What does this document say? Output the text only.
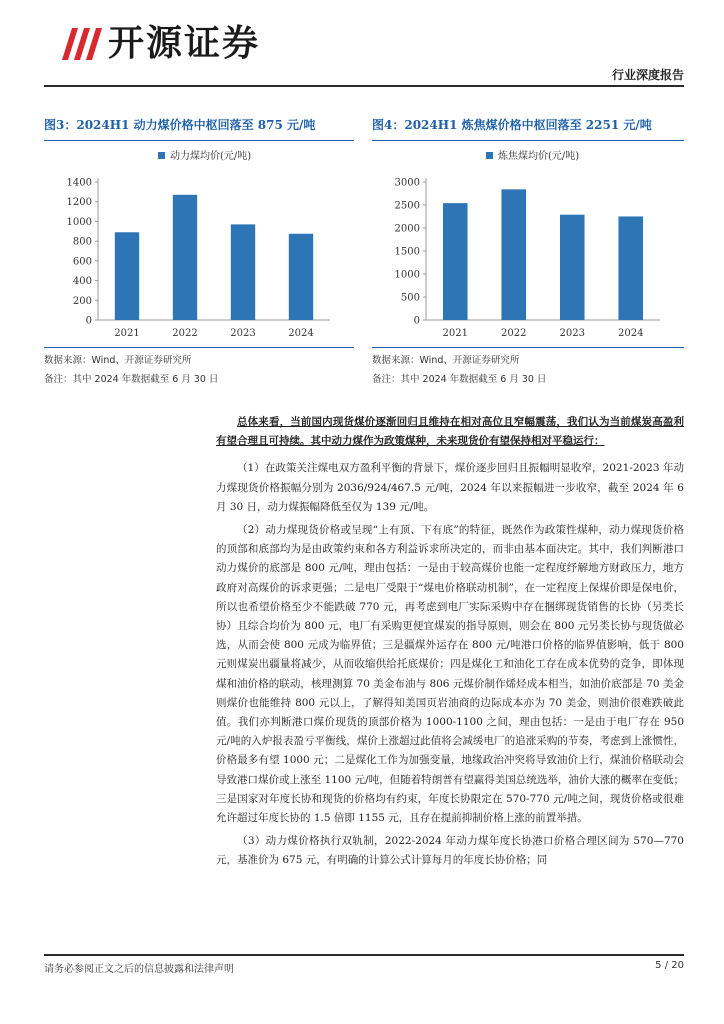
开源证券
行业深度报告
图3：2024H1 动力煤价格中枢回落至 875 元/吨
动力煤均价(元/吨)
0
200
400
600
800
1000
1200
1400
2021	2022	2023	2024
数据来源：Wind、开源证券研究所
备注：其中 2024 年数据截至 6 月 30 日
图4：2024H1 炼焦煤价格中枢回落至 2251 元/吨
炼焦煤均价(元/吨)
0
500
1000
1500
2000
2500
3000
2021	2022	2023	2024
数据来源：Wind、开源证券研究所
备注：其中 2024 年数据截至 6 月 30 日

总体来看，当前国内现货煤价逐渐回归且维持在相对高位且窄幅震荡，我们认为当前煤炭高盈利有望合理且可持续。其中动力煤作为政策煤种，未来现货价有望保持相对平稳运行：

（1）在政策关注煤电双方盈利平衡的背景下，煤价逐步回归且振幅明显收窄，2021-2023 年动力煤现货价格振幅分别为 2036/924/467.5 元/吨，2024 年以来振幅进一步收窄，截至 2024 年 6 月 30 日，动力煤振幅降低至仅为 139 元/吨。

（2）动力煤现货价格或呈现“上有顶、下有底”的特征，既然作为政策性煤种，动力煤现货价格的顶部和底部均为是由政策约束和各方利益诉求所决定的，而非由基本面决定。其中，我们判断港口动力煤价的底部是 800 元/吨，理由包括：一是由于较高煤价也能一定程度纾解地方财政压力，地方政府对高煤价的诉求更强；二是电厂受限于“煤电价格联动机制”，在一定程度上保煤价即是保电价，所以也希望价格至少不能跌破 770 元，再考虑到电厂实际采购中存在捆绑现货销售的长协（另类长协）且综合均价为 800 元，电厂有采购更便宜煤炭的指导原则，则会在 800 元另类长协与现货做必选，从而会使 800 元成为临界值；三是疆煤外运存在 800 元/吨港口价格的临界值影响，低于 800 元则煤炭出疆量将减少，从而收缩供给托底煤价；四是煤化工和油化工存在成本优势的竞争，即体现煤和油价格的联动，核理测算 70 美金布油与 806 元煤价制作烯烃成本相当，如油价底部是 70 美金则煤价也能维持 800 元以上，了解得知美国页岩油商的边际成本亦为 70 美金，则油价很难跌破此值。我们亦判断港口煤价现货的顶部价格为 1000-1100 之间，理由包括：一是由于电厂存在 950 元/吨的入炉报表盈亏平衡线，煤价上涨超过此值将会减缓电厂的追涨采购的节奏，考虑到上涨惯性，价格最多有望 1000 元；二是煤化工作为加强变量，地缘政治冲突将导致油价上行，煤油价格联动会导致港口煤价或上涨至 1100 元/吨，但随着特朗普有望赢得美国总统选举，油价大涨的概率在变低；三是国家对年度长协和现货的价格均有约束，年度长协限定在 570-770 元/吨之间，现货价格或很难允许超过年度长协的 1.5 倍即 1155 元，且存在提前抑制价格上涨的前置举措。

（3）动力煤价格执行双轨制，2022-2024 年动力煤年度长协港口价格合理区间为 570—770 元，基准价为 675 元，有明确的计算公式计算每月的年度长协价格；同

请务必参阅正文之后的信息披露和法律声明	5 / 20
